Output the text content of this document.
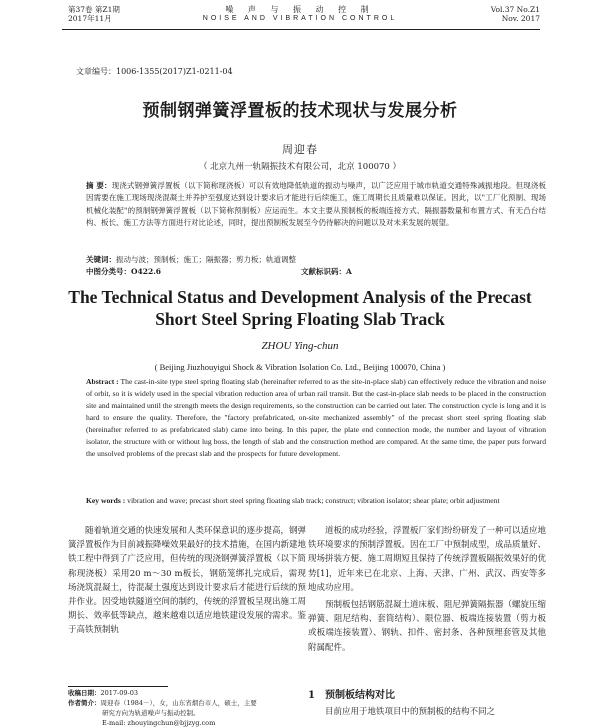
第37卷 第Z1期
2017年11月
噪 声 与 振 动 控 制
NOISE AND VIBRATION CONTROL
Vol.37 No.Z1
Nov. 2017
文章编号：1006-1355(2017)Z1-0211-04
预制钢弹簧浮置板的技术现状与发展分析
周迎春
（ 北京九州一轨隔振技术有限公司，北京 100070 ）
摘 要：现浇式钢弹簧浮置板（以下简称现浇板）可以有效地降低轨道的振动与噪声，以广泛应用于城市轨道交通特殊减振地段。但现浇板因需要在施工现场现浇混凝土并养护至强度达到设计要求后才能进行后续施工，施工周期长且质量难以保证。因此，以"工厂化预制、现场机械化装配"的预制钢弹簧浮置板（以下简称预制板）应运而生。本文主要从预制板的板端连接方式、隔振器数量和布置方式、有无凸台结构、板长、施工方法等方面进行对比论述，同时，提出预制板发展至今仍待解决的问题以及对未来发展的展望。
关键词：振动与波；预制板；施工；隔振器；剪力板；轨道调整
中图分类号：O422.6	文献标识码：A
The Technical Status and Development Analysis of the Precast
Short Steel Spring Floating Slab Track
ZHOU Ying-chun
( Beijing Jiuzhouyigui Shock & Vibration Isolation Co. Ltd., Beijing 100070, China )
Abstract : The cast-in-site type steel spring floating slab (hereinafter referred to as the site-in-place slab) can effectively reduce the vibration and noise of orbit, so it is widely used in the special vibration reduction area of urban rail transit. But the cast-in-place slab needs to be placed in the construction site and maintained until the strength meets the design requirements, so the construction can be carried out later. The construction cycle is long and it is hard to ensure the quality. Therefore, the "factory prefabricated, on-site mechanized assembly" of the precast short steel spring floating slab (hereinafter referred to as prefabricated slab) came into being. In this paper, the plate end connection mode, the number and layout of vibration isolator, the structure with or without lug boss, the length of slab and the construction method are compared. At the same time, the paper puts forward the unsolved problems of the precast slab and the prospects for future development.
Key words : vibration and wave; precast short steel spring floating slab track; construct; vibration isolator; shear plate; orbit adjustment

随着轨道交通的快速发展和人类环保意识的逐步提高，钢弹簧浮置板作为目前减振降噪效果最好的技术措施，在国内新建地铁工程中得到了广泛应用，但传统的现浇钢弹簧浮置板（以下简称现浇板）采用20 m～30 m板长，钢筋笼绑扎完成后，需现场浇筑混凝土，待混凝土强度达到设计要求后才能进行后续的预并作业。因受地铁隧道空间的制约，传统的浮置板呈现出施工周期长、效率低等缺点，越来越难以适应地铁建设发展的需求。鉴于高铁预制轨

道板的成功经验，浮置板厂家们纷纷研发了一种可以适应地铁环境要求的预制浮置板。因在工厂中预制成型，成品质量好、现场拼装方便、施工周期短且保持了传统浮置板隔振效果好的优势[1]，近年来已在北京、上海、天津、广州、武汉、西安等多地成功应用。

预制板包括钢筋混凝土道床板、阻尼弹簧隔振器（螺旋压缩弹簧、阻尼结构、套筒结构）、限位器、板端连接装置（剪力板或板端连接装置）、钢轨、扣件、密封条、各种预埋套管及其他附属配件。

收稿日期：2017-09-03
作者简介：周迎春（1984－），女，山东省烟台市人，硕士，主要
研究方向为轨道噪声与振动控制。
E-mail: zhouyingchun@bjjzyg.com
1　预制板结构对比
目前应用于地铁项目中的预制板的结构不同之
